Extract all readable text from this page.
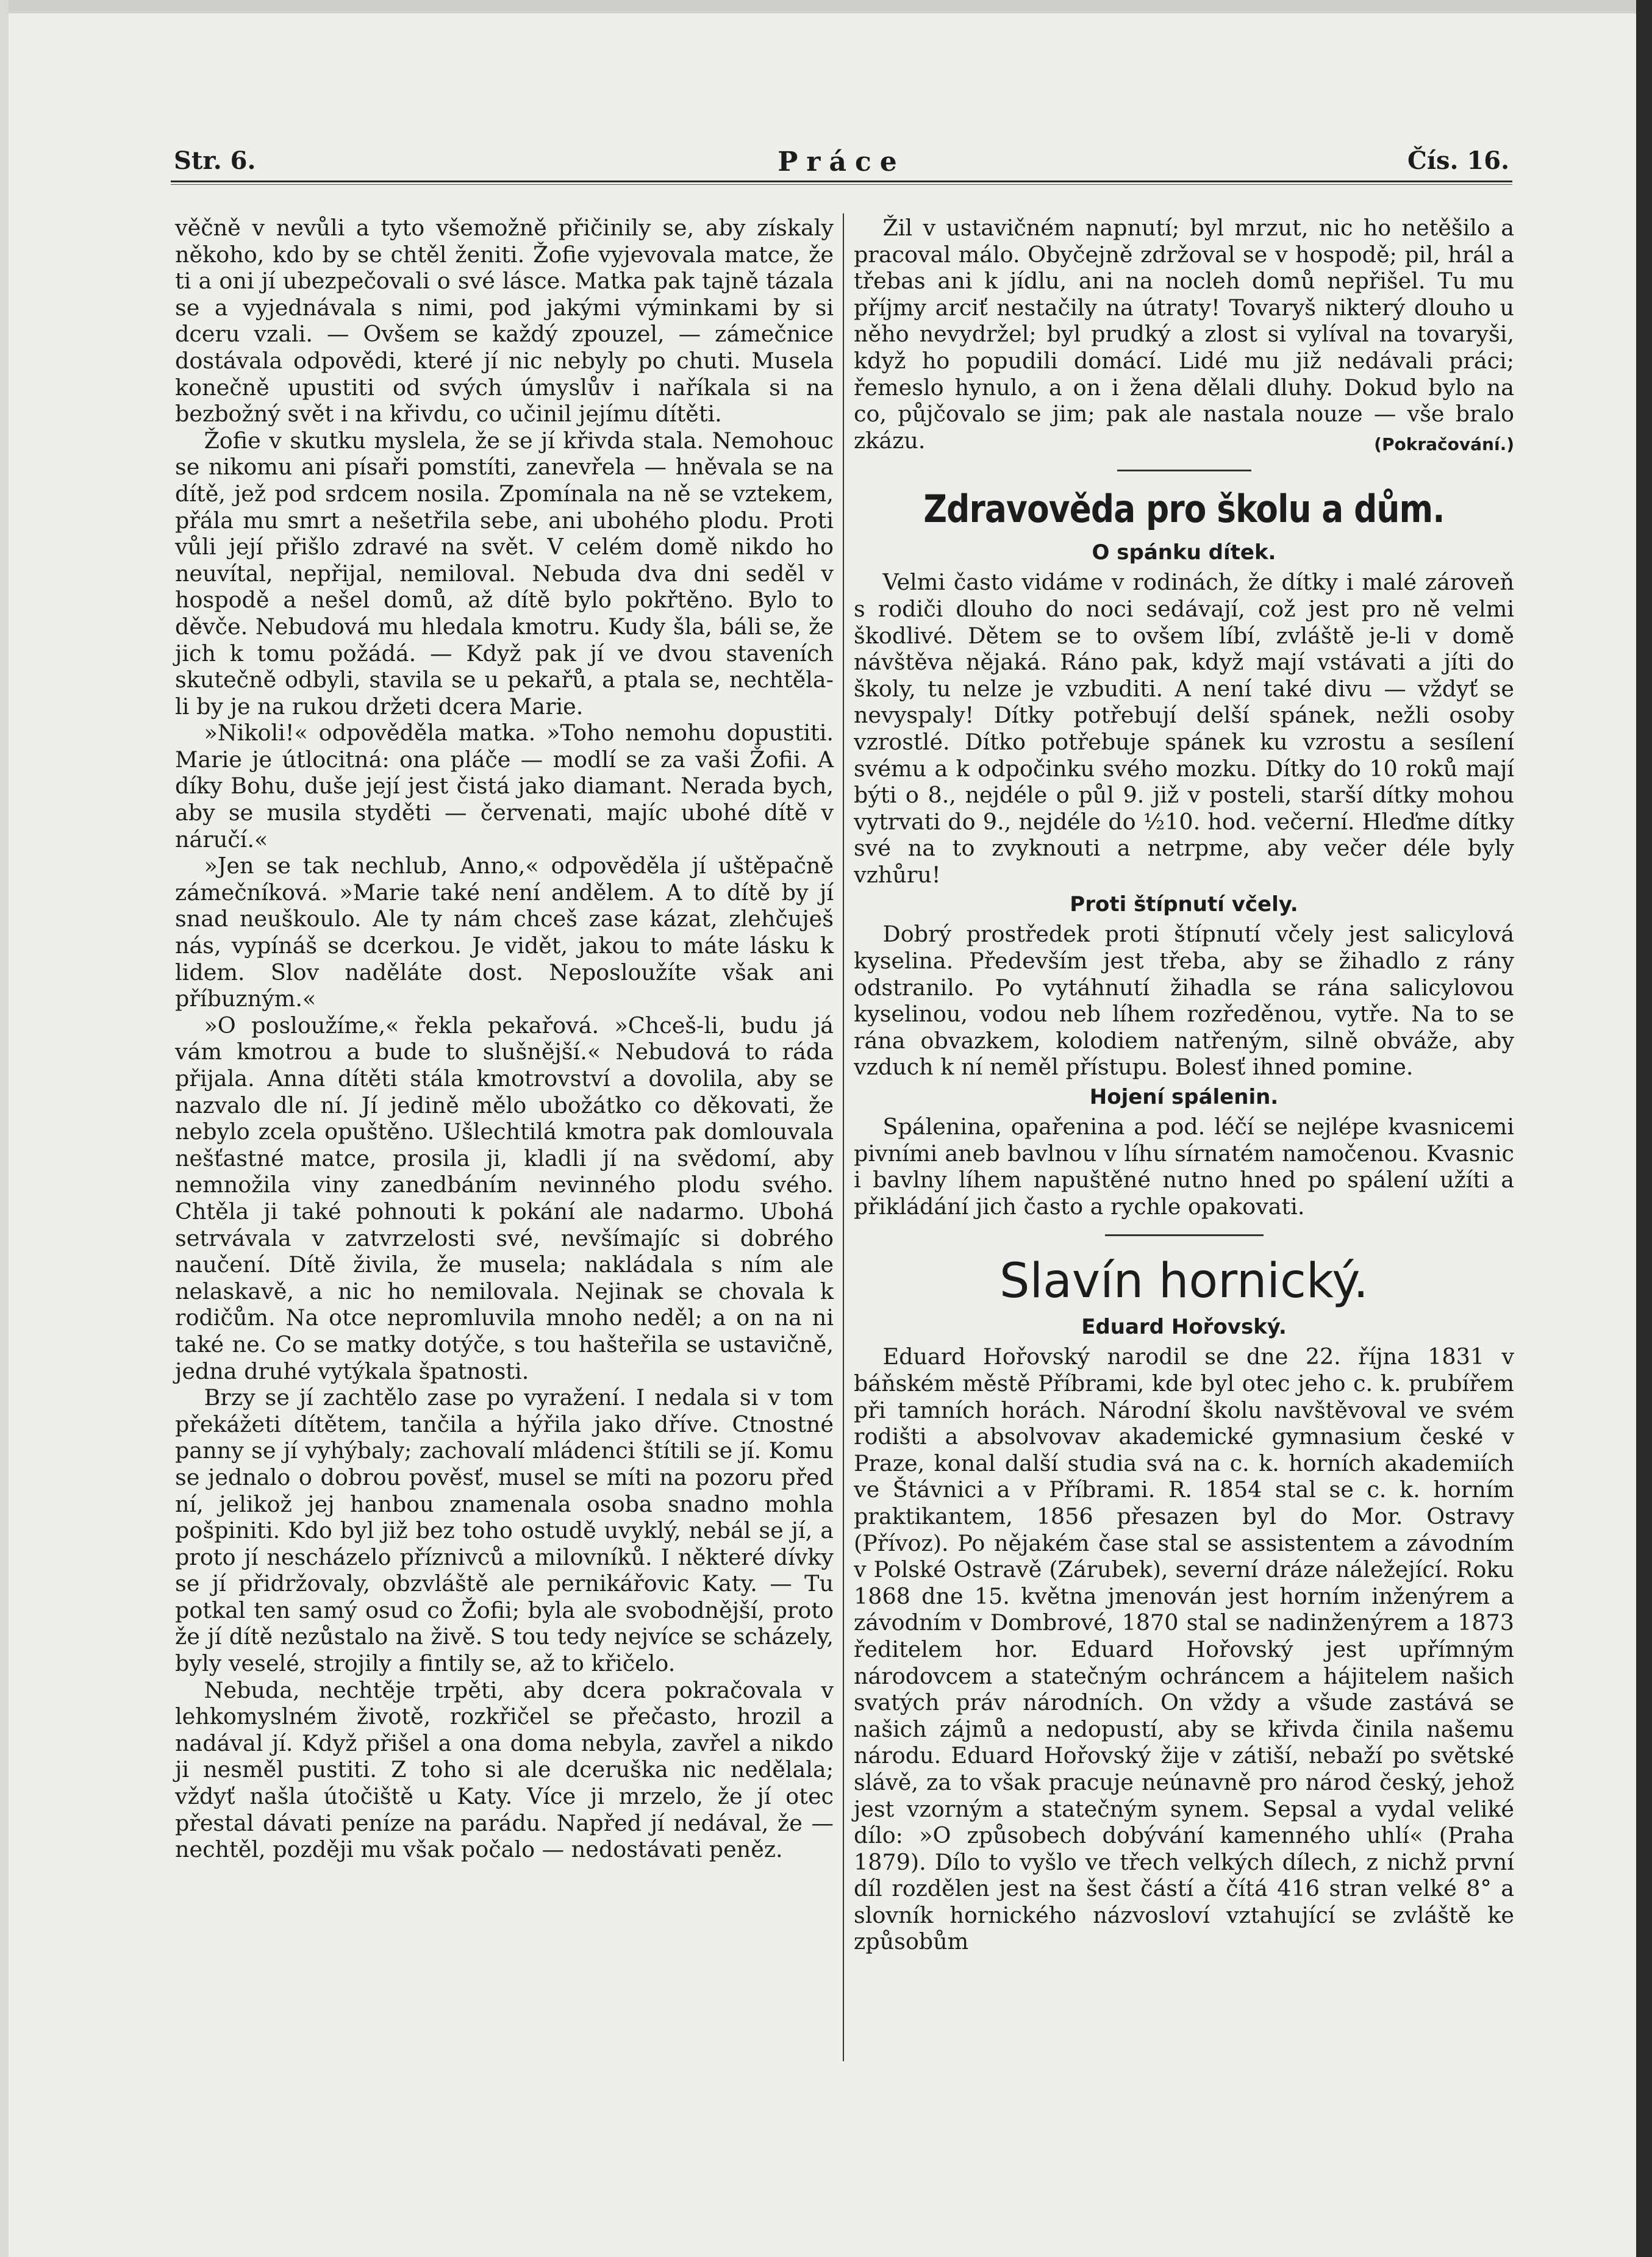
Str. 6.	Práce	Čís. 16.

věčně v nevůli a tyto všemožně přičinily se, aby získaly někoho, kdo by se chtěl ženiti. Žofie vyjevovala matce, že ti a oni jí ubezpečovali o své lásce. Matka pak tajně tázala se a vyjednávala s nimi, pod jakými výminkami by si dceru vzali. — Ovšem se každý zpouzel, — zámečnice dostávala odpovědi, které jí nic nebyly po chuti. Musela konečně upustiti od svých úmyslův i naříkala si na bezbožný svět i na křivdu, co učinil jejímu dítěti.

Žofie v skutku myslela, že se jí křivda stala. Nemohouc se nikomu ani písaři pomstíti, zanevřela — hněvala se na dítě, jež pod srdcem nosila. Zpomínala na ně se vztekem, přála mu smrt a nešetřila sebe, ani ubohého plodu. Proti vůli její přišlo zdravé na svět. V celém domě nikdo ho neuvítal, nepřijal, nemiloval. Nebuda dva dni seděl v hospodě a nešel domů, až dítě bylo pokřtěno. Bylo to děvče. Nebudová mu hledala kmotru. Kudy šla, báli se, že jich k tomu požádá. — Když pak jí ve dvou staveních skutečně odbyli, stavila se u pekařů, a ptala se, nechtěla-li by je na rukou držeti dcera Marie.

»Nikoli!« odpověděla matka. »Toho nemohu dopustiti. Marie je útlocitná: ona pláče — modlí se za vaši Žofii. A díky Bohu, duše její jest čistá jako diamant. Nerada bych, aby se musila styděti — červenati, majíc ubohé dítě v náručí.«

»Jen se tak nechlub, Anno,« odpověděla jí uštěpačně zámečníková. »Marie také není andělem. A to dítě by jí snad neuškoulo. Ale ty nám chceš zase kázat, zlehčuješ nás, vypínáš se dcerkou. Je vidět, jakou to máte lásku k lidem. Slov naděláte dost. Neposloužíte však ani příbuzným.«

»O posloužíme,« řekla pekařová. »Chceš-li, budu já vám kmotrou a bude to slušnější.« Nebudová to ráda přijala. Anna dítěti stála kmotrovství a dovolila, aby se nazvalo dle ní. Jí jedině mělo ubožátko co děkovati, že nebylo zcela opuštěno. Ušlechtilá kmotra pak domlouvala nešťastné matce, prosila ji, kladli jí na svědomí, aby nemnožila viny zanedbáním nevinného plodu svého. Chtěla ji také pohnouti k pokání ale nadarmo. Ubohá setrvávala v zatvrzelosti své, nevšímajíc si dobrého naučení. Dítě živila, že musela; nakládala s ním ale nelaskavě, a nic ho nemilovala. Nejinak se chovala k rodičům. Na otce nepromluvila mnoho neděl; a on na ni také ne. Co se matky dotýče, s tou hašteřila se ustavičně, jedna druhé vytýkala špatnosti.

Brzy se jí zachtělo zase po vyražení. I nedala si v tom překážeti dítětem, tančila a hýřila jako dříve. Ctnostné panny se jí vyhýbaly; zachovalí mládenci štítili se jí. Komu se jednalo o dobrou pověsť, musel se míti na pozoru před ní, jelikož jej hanbou znamenala osoba snadno mohla pošpiniti. Kdo byl již bez toho ostudě uvyklý, nebál se jí, a proto jí nescházelo příznivců a milovníků. I některé dívky se jí přidržovaly, obzvláště ale pernikářovic Katy. — Tu potkal ten samý osud co Žofii; byla ale svobodnější, proto že jí dítě nezůstalo na živě. S tou tedy nejvíce se scházely, byly veselé, strojily a fintily se, až to křičelo.

Nebuda, nechtěje trpěti, aby dcera pokračovala v lehkomyslném životě, rozkřičel se přečasto, hrozil a nadával jí. Když přišel a ona doma nebyla, zavřel a nikdo ji nesměl pustiti. Z toho si ale dceruška nic nedělala; vždyť našla útočiště u Katy. Více ji mrzelo, že jí otec přestal dávati peníze na parádu. Napřed jí nedával, že — nechtěl, později mu však počalo — nedostávati peněz.

Žil v ustavičném napnutí; byl mrzut, nic ho netěšilo a pracoval málo. Obyčejně zdržoval se v hospodě; pil, hrál a třebas ani k jídlu, ani na nocleh domů nepřišel. Tu mu příjmy arciť nestačily na útraty! Tovaryš nikterý dlouho u něho nevydržel; byl prudký a zlost si vylíval na tovaryši, když ho popudili domácí. Lidé mu již nedávali práci; řemeslo hynulo, a on i žena dělali dluhy. Dokud bylo na co, půjčovalo se jim; pak ale nastala nouze — vše bralo zkázu.	(Pokračování.)

Zdravověda pro školu a dům.
O spánku dítek.

Velmi často vidáme v rodinách, že dítky i malé zároveň s rodiči dlouho do noci sedávají, což jest pro ně velmi škodlivé. Dětem se to ovšem líbí, zvláště je-li v domě návštěva nějaká. Ráno pak, když mají vstávati a jíti do školy, tu nelze je vzbuditi. A není také divu — vždyť se nevyspaly! Dítky potřebují delší spánek, nežli osoby vzrostlé. Dítko potřebuje spánek ku vzrostu a sesílení svému a k odpočinku svého mozku. Dítky do 10 roků mají býti o 8., nejdéle o půl 9. již v posteli, starší dítky mohou vytrvati do 9., nejdéle do ½10. hod. večerní. Hleďme dítky své na to zvyknouti a netrpme, aby večer déle byly vzhůru!

Proti štípnutí včely.

Dobrý prostředek proti štípnutí včely jest salicylová kyselina. Především jest třeba, aby se žihadlo z rány odstranilo. Po vytáhnutí žihadla se rána salicylovou kyselinou, vodou neb líhem rozředěnou, vytře. Na to se rána obvazkem, kolodiem natřeným, silně obváže, aby vzduch k ní neměl přístupu. Bolesť ihned pomine.

Hojení spálenin.

Spálenina, opařenina a pod. léčí se nejlépe kvasnicemi pivními aneb bavlnou v líhu sírnatém namočenou. Kvasnic i bavlny líhem napuštěné nutno hned po spálení užíti a přikládání jich často a rychle opakovati.

Slavín hornický.
Eduard Hořovský.

Eduard Hořovský narodil se dne 22. října 1831 v báňském městě Příbrami, kde byl otec jeho c. k. prubířem při tamních horách. Národní školu navštěvoval ve svém rodišti a absolvovav akademické gymnasium české v Praze, konal další studia svá na c. k. horních akademiích ve Štávnici a v Příbrami. R. 1854 stal se c. k. horním praktikantem, 1856 přesazen byl do Mor. Ostravy (Přívoz). Po nějakém čase stal se assistentem a závodním v Polské Ostravě (Zárubek), severní dráze náležející. Roku 1868 dne 15. května jmenován jest horním inženýrem a závodním v Dombrové, 1870 stal se nadinženýrem a 1873 ředitelem hor. Eduard Hořovský jest upřímným národovcem a statečným ochráncem a hájitelem našich svatých práv národních. On vždy a všude zastává se našich zájmů a nedopustí, aby se křivda činila našemu národu. Eduard Hořovský žije v zátiší, nebaží po světské slávě, za to však pracuje neúnavně pro národ český, jehož jest vzorným a statečným synem. Sepsal a vydal veliké dílo: »O způsobech dobývání kamenného uhlí« (Praha 1879). Dílo to vyšlo ve třech velkých dílech, z nichž první díl rozdělen jest na šest částí a čítá 416 stran velké 8° a slovník hornického názvosloví vztahující se zvláště ke způsobům
